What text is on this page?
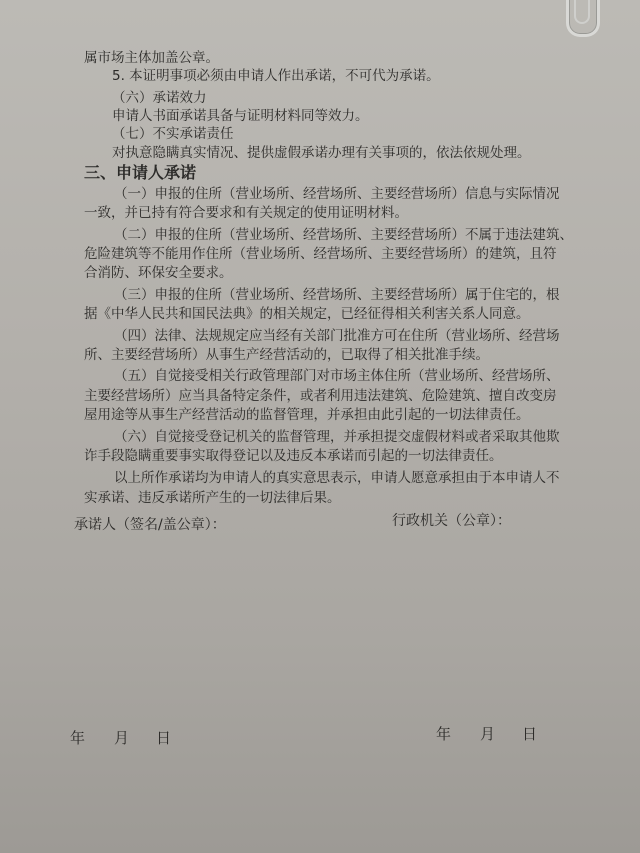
属市场主体加盖公章。
5. 本证明事项必须由申请人作出承诺，不可代为承诺。
（六）承诺效力
申请人书面承诺具备与证明材料同等效力。
（七）不实承诺责任
对执意隐瞒真实情况、提供虚假承诺办理有关事项的，依法依规处理。
三、申请人承诺
（一）申报的住所（营业场所、经营场所、主要经营场所）信息与实际情况
一致，并已持有符合要求和有关规定的使用证明材料。
（二）申报的住所（营业场所、经营场所、主要经营场所）不属于违法建筑、
危险建筑等不能用作住所（营业场所、经营场所、主要经营场所）的建筑，且符
合消防、环保安全要求。
（三）申报的住所（营业场所、经营场所、主要经营场所）属于住宅的，根
据《中华人民共和国民法典》的相关规定，已经征得相关利害关系人同意。
（四）法律、法规规定应当经有关部门批准方可在住所（营业场所、经营场
所、主要经营场所）从事生产经营活动的，已取得了相关批准手续。
（五）自觉接受相关行政管理部门对市场主体住所（营业场所、经营场所、
主要经营场所）应当具备特定条件，或者利用违法建筑、危险建筑、擅自改变房
屋用途等从事生产经营活动的监督管理，并承担由此引起的一切法律责任。
（六）自觉接受登记机关的监督管理，并承担提交虚假材料或者采取其他欺
诈手段隐瞒重要事实取得登记以及违反本承诺而引起的一切法律责任。
以上所作承诺均为申请人的真实意思表示，申请人愿意承担由于本申请人不
实承诺、违反承诺所产生的一切法律后果。
承诺人（签名/盖公章）：	行政机关（公章）：
年 月 日	年 月 日
